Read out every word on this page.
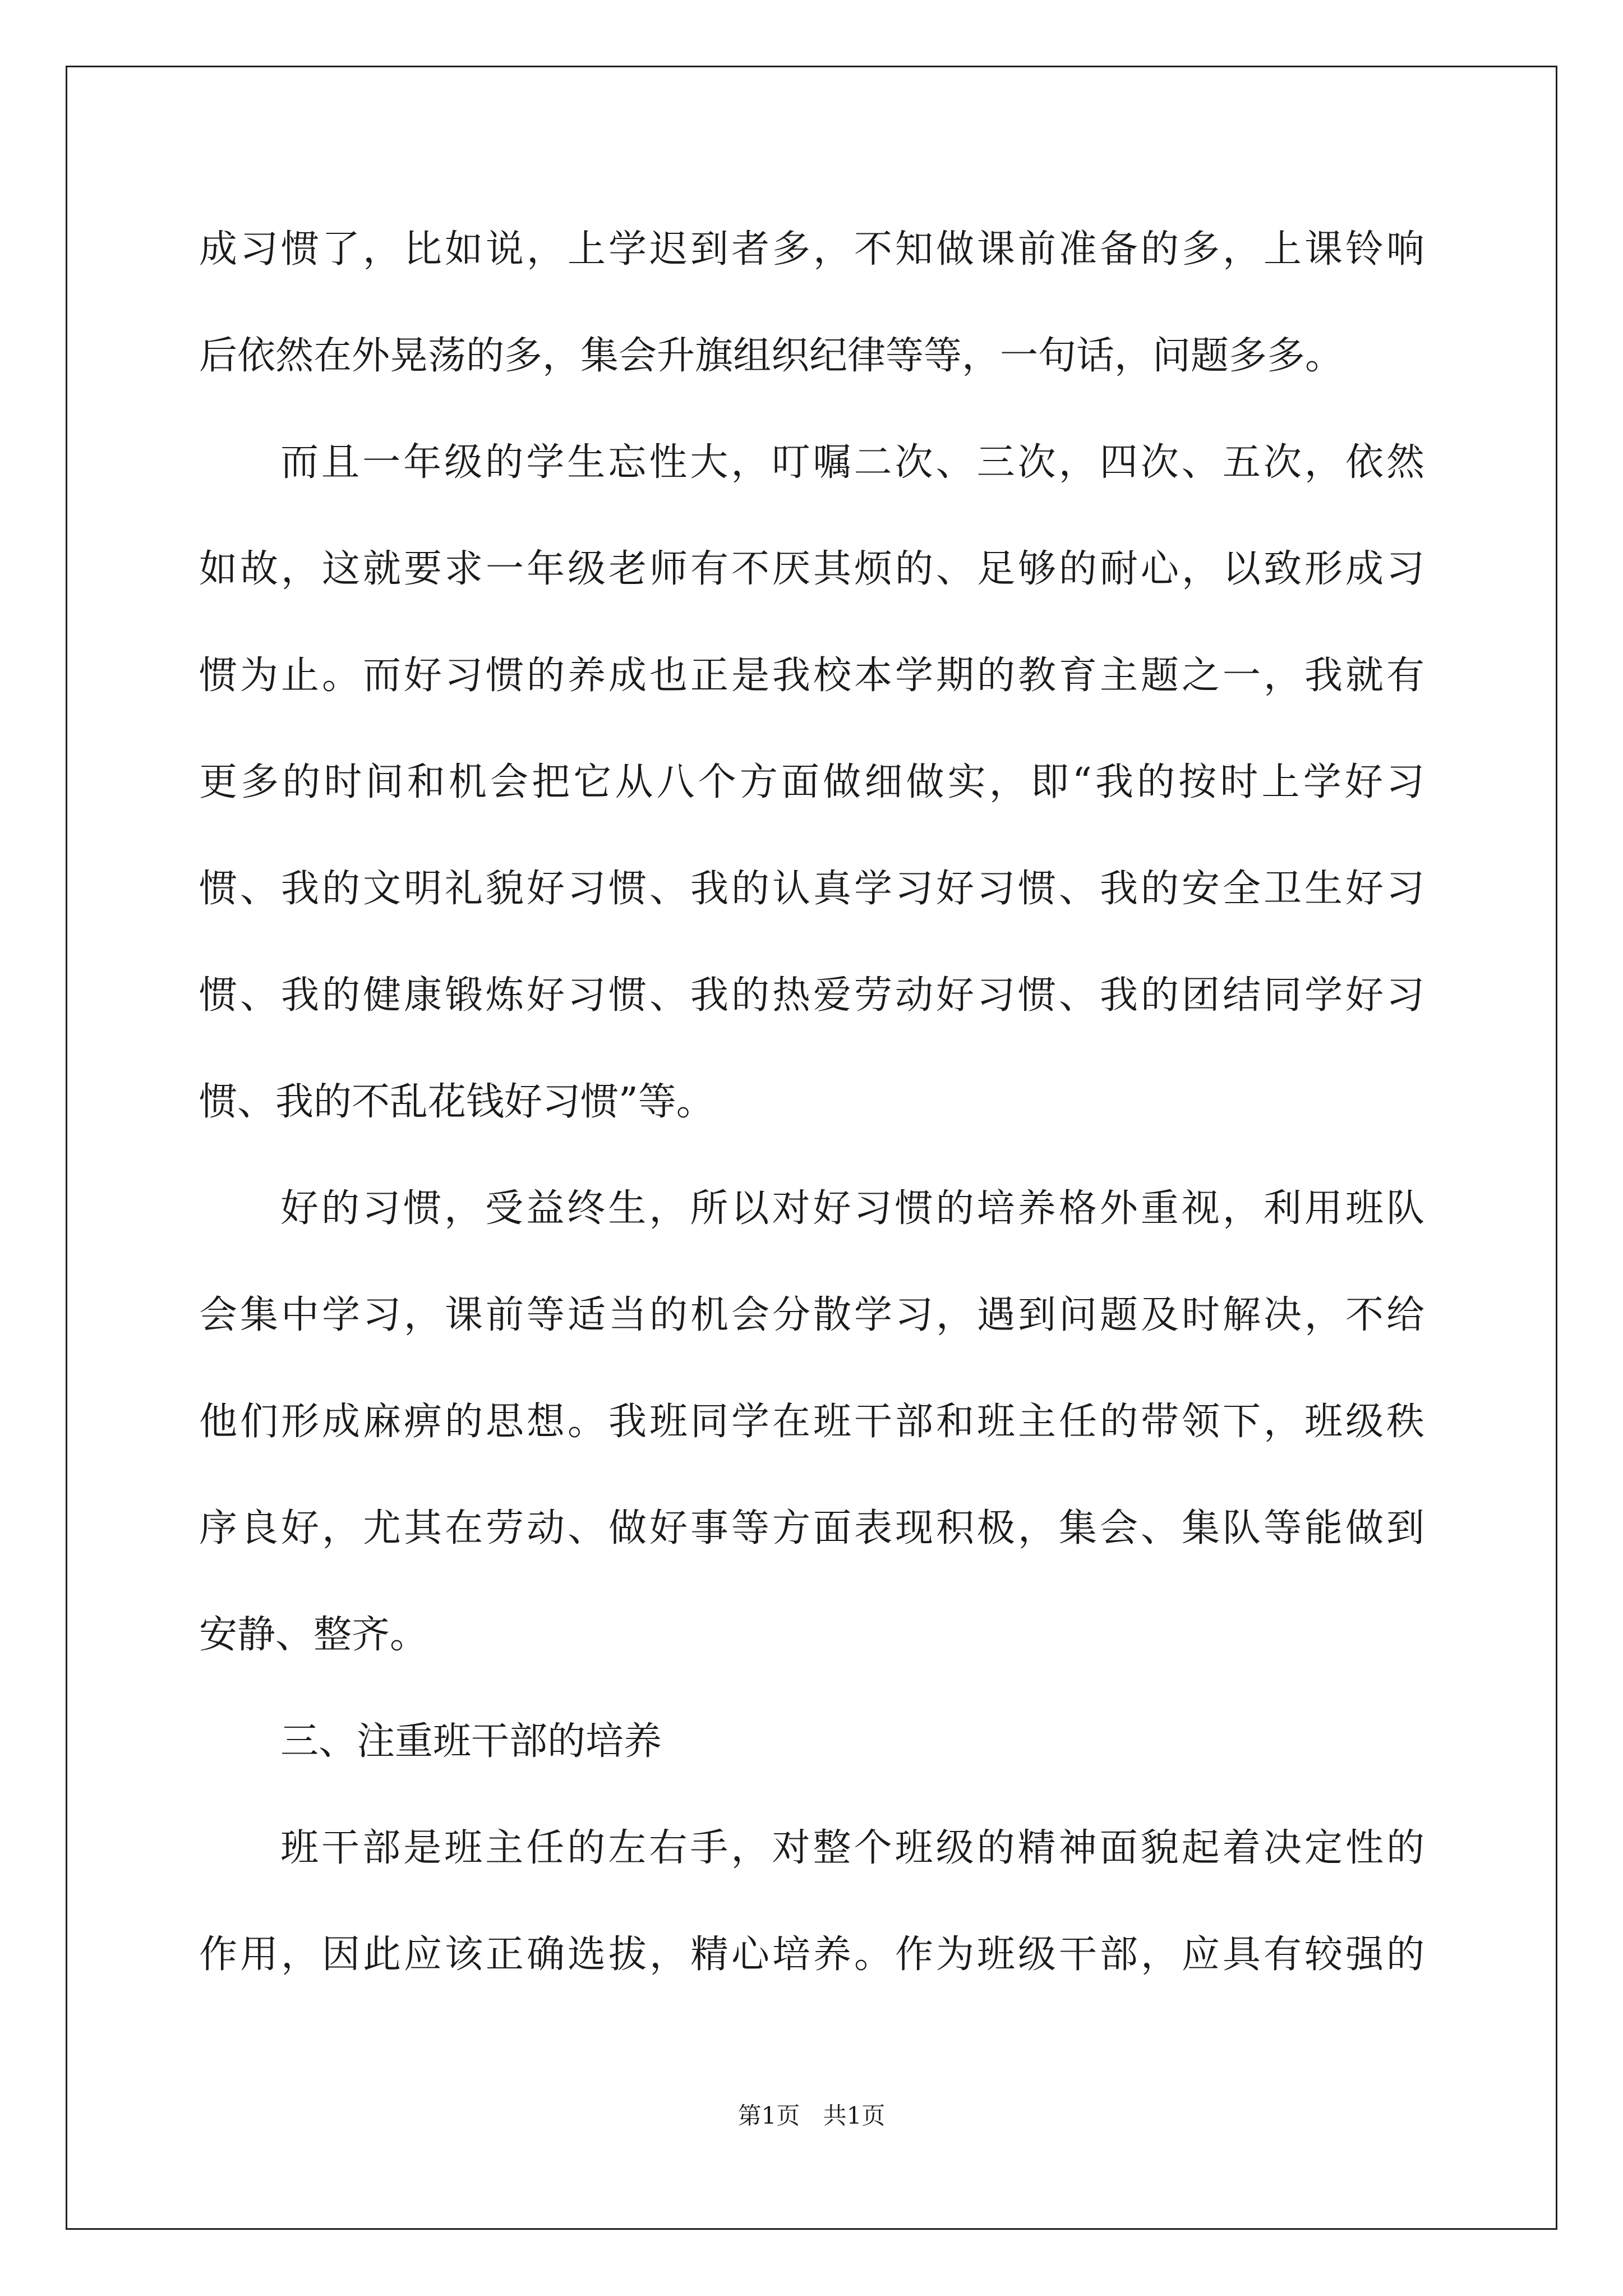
成习惯了，比如说，上学迟到者多，不知做课前准备的多，上课铃响
后依然在外晃荡的多，集会升旗组织纪律等等，一句话，问题多多。
而且一年级的学生忘性大，叮嘱二次、三次，四次、五次，依然
如故，这就要求一年级老师有不厌其烦的、足够的耐心，以致形成习
惯为止。而好习惯的养成也正是我校本学期的教育主题之一，我就有
更多的时间和机会把它从八个方面做细做实，即“我的按时上学好习
惯、我的文明礼貌好习惯、我的认真学习好习惯、我的安全卫生好习
惯、我的健康锻炼好习惯、我的热爱劳动好习惯、我的团结同学好习
惯、我的不乱花钱好习惯”等。
好的习惯，受益终生，所以对好习惯的培养格外重视，利用班队
会集中学习，课前等适当的机会分散学习，遇到问题及时解决，不给
他们形成麻痹的思想。我班同学在班干部和班主任的带领下，班级秩
序良好，尤其在劳动、做好事等方面表现积极，集会、集队等能做到
安静、整齐。
三、注重班干部的培养
班干部是班主任的左右手，对整个班级的精神面貌起着决定性的
作用，因此应该正确选拔，精心培养。作为班级干部，应具有较强的
第1页 共1页
